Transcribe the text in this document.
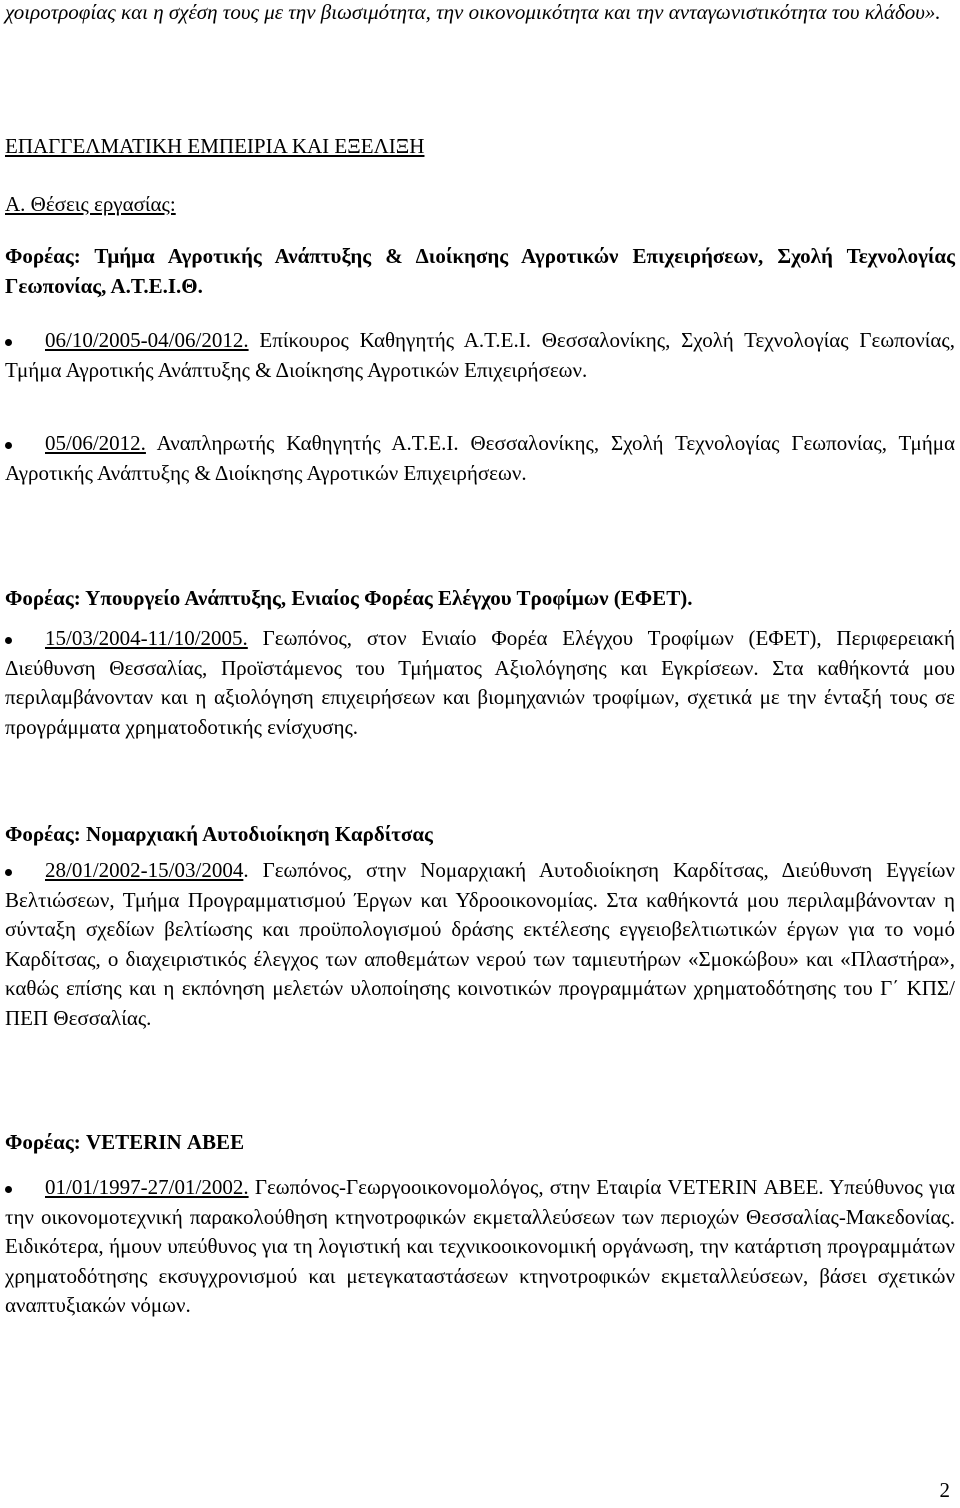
χοιροτροφίας και η σχέση τους με την βιωσιμότητα, την οικονομικότητα και την ανταγωνιστικότητα του κλάδου».

ΕΠΑΓΓΕΛΜΑΤΙΚΗ ΕΜΠΕΙΡΙΑ ΚΑΙ ΕΞΕΛΙΞΗ
Α. Θέσεις εργασίας:

Φορέας: Τμήμα Αγροτικής Ανάπτυξης & Διοίκησης Αγροτικών Επιχειρήσεων, Σχολή Τεχνολογίας Γεωπονίας, Α.Τ.Ε.Ι.Θ.

06/10/2005-04/06/2012. Επίκουρος Καθηγητής Α.Τ.Ε.Ι. Θεσσαλονίκης, Σχολή Τεχνολογίας Γεωπονίας, Τμήμα Αγροτικής Ανάπτυξης & Διοίκησης Αγροτικών Επιχειρήσεων.
05/06/2012. Αναπληρωτής Καθηγητής Α.Τ.Ε.Ι. Θεσσαλονίκης, Σχολή Τεχνολογίας Γεωπονίας, Τμήμα Αγροτικής Ανάπτυξης & Διοίκησης Αγροτικών Επιχειρήσεων.

Φορέας: Υπουργείο Ανάπτυξης, Ενιαίος Φορέας Ελέγχου Τροφίμων (ΕΦΕΤ).

15/03/2004-11/10/2005. Γεωπόνος, στον Ενιαίο Φορέα Ελέγχου Τροφίμων (ΕΦΕΤ), Περιφερειακή Διεύθυνση Θεσσαλίας, Προϊστάμενος του Τμήματος Αξιολόγησης και Εγκρίσεων. Στα καθήκοντά μου περιλαμβάνονταν και η αξιολόγηση επιχειρήσεων και βιομηχανιών τροφίμων, σχετικά με την ένταξή τους σε προγράμματα χρηματοδοτικής ενίσχυσης.

Φορέας: Νομαρχιακή Αυτοδιοίκηση Καρδίτσας

28/01/2002-15/03/2004. Γεωπόνος, στην Νομαρχιακή Αυτοδιοίκηση Καρδίτσας, Διεύθυνση Εγγείων Βελτιώσεων, Τμήμα Προγραμματισμού Έργων και Υδροοικονομίας. Στα καθήκοντά μου περιλαμβάνονταν η σύνταξη σχεδίων βελτίωσης και προϋπολογισμού δράσης εκτέλεσης εγγειοβελτιωτικών έργων για το νομό Καρδίτσας, ο διαχειριστικός έλεγχος των αποθεμάτων νερού των ταμιευτήρων «Σμοκώβου» και «Πλαστήρα», καθώς επίσης και η εκπόνηση μελετών υλοποίησης κοινοτικών προγραμμάτων χρηματοδότησης του Γ΄ ΚΠΣ/ ΠΕΠ Θεσσαλίας.

Φορέας: VETERIN ΑΒΕΕ

01/01/1997-27/01/2002. Γεωπόνος-Γεωργοοικονομολόγος, στην Εταιρία VETERIN ΑΒΕΕ. Υπεύθυνος για την οικονομοτεχνική παρακολούθηση κτηνοτροφικών εκμεταλλεύσεων των περιοχών Θεσσαλίας-Μακεδονίας. Ειδικότερα, ήμουν υπεύθυνος για τη λογιστική και τεχνικοοικονομική οργάνωση, την κατάρτιση προγραμμάτων χρηματοδότησης εκσυγχρονισμού και μετεγκαταστάσεων κτηνοτροφικών εκμεταλλεύσεων, βάσει σχετικών αναπτυξιακών νόμων.
2
